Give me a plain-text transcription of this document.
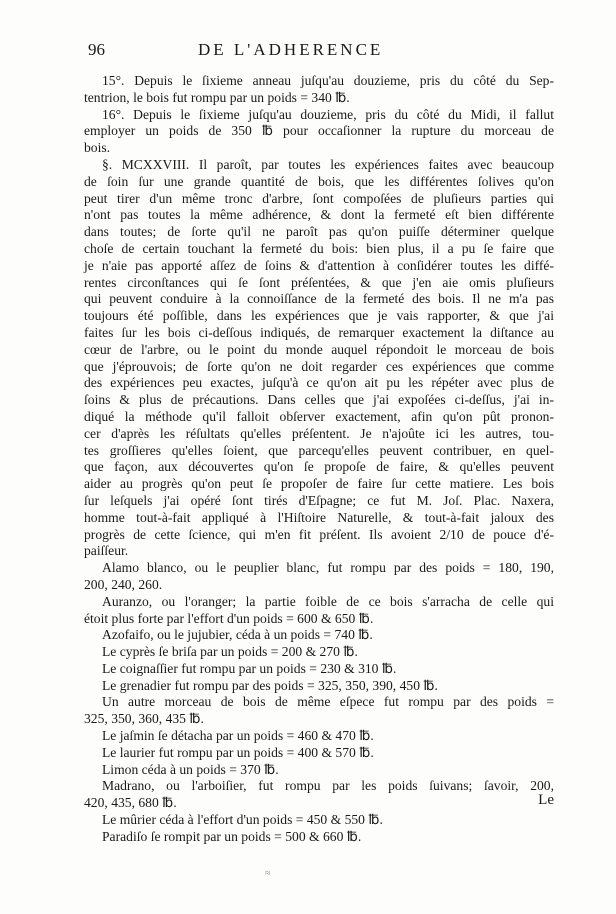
96	DE L'ADHERENCE
15°. Depuis le ſixieme anneau juſqu'au douzieme, pris du côté du Sep-
tentrion, le bois fut rompu par un poids = 340 ℔.
16°. Depuis le ſixieme juſqu'au douzieme, pris du côté du Midi, il fallut
employer un poids de 350 ℔ pour occaſionner la rupture du morceau de
bois.
§. MCXXVIII. Il paroît, par toutes les expériences faites avec beaucoup
de ſoin ſur une grande quantité de bois, que les différentes ſolives qu'on
peut tirer d'un même tronc d'arbre, ſont compoſées de pluſieurs parties qui
n'ont pas toutes la même adhérence, & dont la fermeté eſt bien différente
dans toutes; de ſorte qu'il ne paroît pas qu'on puiſſe déterminer quelque
choſe de certain touchant la fermeté du bois: bien plus, il a pu ſe faire que
je n'aie pas apporté aſſez de ſoins & d'attention à conſidérer toutes les diffé-
rentes circonſtances qui ſe ſont préſentées, & que j'en aie omis pluſieurs
qui peuvent conduire à la connoiſſance de la fermeté des bois. Il ne m'a pas
toujours été poſſible, dans les expériences que je vais rapporter, & que j'ai
faites ſur les bois ci-deſſous indiqués, de remarquer exactement la diſtance au
cœur de l'arbre, ou le point du monde auquel répondoit le morceau de bois
que j'éprouvois; de ſorte qu'on ne doit regarder ces expériences que comme
des expériences peu exactes, juſqu'à ce qu'on ait pu les répéter avec plus de
ſoins & plus de précautions. Dans celles que j'ai expoſées ci-deſſus, j'ai in-
diqué la méthode qu'il falloit obſerver exactement, afin qu'on pût pronon-
cer d'après les réſultats qu'elles préſentent. Je n'ajoûte ici les autres, tou-
tes groſſieres qu'elles ſoient, que parcequ'elles peuvent contribuer, en quel-
que façon, aux découvertes qu'on ſe propoſe de faire, & qu'elles peuvent
aider au progrès qu'on peut ſe propoſer de faire ſur cette matiere. Les bois
ſur leſquels j'ai opéré ſont tirés d'Eſpagne; ce fut M. Joſ. Plac. Naxera,
homme tout-à-fait appliqué à l'Hiſtoire Naturelle, & tout-à-fait jaloux des
progrès de cette ſcience, qui m'en fit préſent. Ils avoient 2/10 de pouce d'é-
paiſſeur.
Alamo blanco, ou le peuplier blanc, fut rompu par des poids = 180, 190,
200, 240, 260.
Auranzo, ou l'oranger; la partie foible de ce bois s'arracha de celle qui
étoit plus forte par l'effort d'un poids = 600 & 650 ℔.
Azofaifo, ou le jujubier, céda à un poids = 740 ℔.
Le cyprès ſe briſa par un poids = 200 & 270 ℔.
Le coignaſſier fut rompu par un poids = 230 & 310 ℔.
Le grenadier fut rompu par des poids = 325, 350, 390, 450 ℔.
Un autre morceau de bois de même eſpece fut rompu par des poids =
325, 350, 360, 435 ℔.
Le jaſmin ſe détacha par un poids = 460 & 470 ℔.
Le laurier fut rompu par un poids = 400 & 570 ℔.
Limon céda à un poids = 370 ℔.
Madrano, ou l'arboiſier, fut rompu par les poids ſuivans; ſavoir, 200,
420, 435, 680 ℔.
Le mûrier céda à l'effort d'un poids = 450 & 550 ℔.
Paradiſo ſe rompit par un poids = 500 & 660 ℔.
Le
≈
